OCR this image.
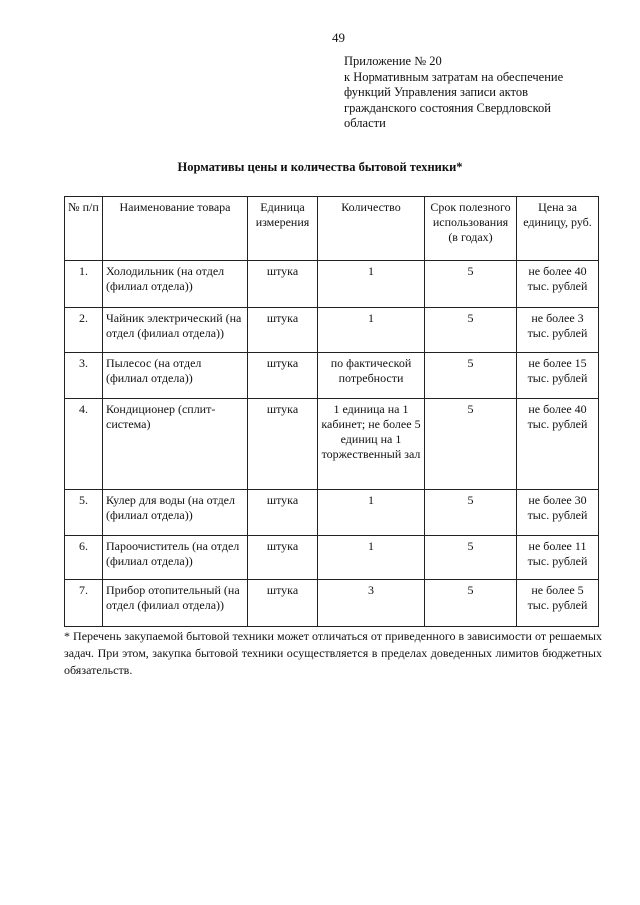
49
Приложение № 20
к Нормативным затратам на обеспечение
функций Управления записи актов
гражданского состояния Свердловской
области
Нормативы цены и количества бытовой техники*
№ п/п	Наименование товара	Единица измерения	Количество	Срок полезного использования (в годах)	Цена за единицу, руб.
1.	Холодильник (на отдел (филиал отдела))	штука	1	5	не более 40 тыс. рублей
2.	Чайник электрический (на отдел (филиал отдела))	штука	1	5	не более 3 тыс. рублей
3.	Пылесос (на отдел (филиал отдела))	штука	по фактической потребности	5	не более 15 тыс. рублей
4.	Кондиционер (сплит-система)	штука	1 единица на 1 кабинет; не более 5 единиц на 1 торжественный зал	5	не более 40 тыс. рублей
5.	Кулер для воды (на отдел (филиал отдела))	штука	1	5	не более 30 тыс. рублей
6.	Пароочиститель (на отдел (филиал отдела))	штука	1	5	не более 11 тыс. рублей
7.	Прибор отопительный (на отдел (филиал отдела))	штука	3	5	не более 5 тыс. рублей
* Перечень закупаемой бытовой техники может отличаться от приведенного в зависимости от решаемых задач. При этом, закупка бытовой техники осуществляется в пределах доведенных лимитов бюджетных обязательств.
